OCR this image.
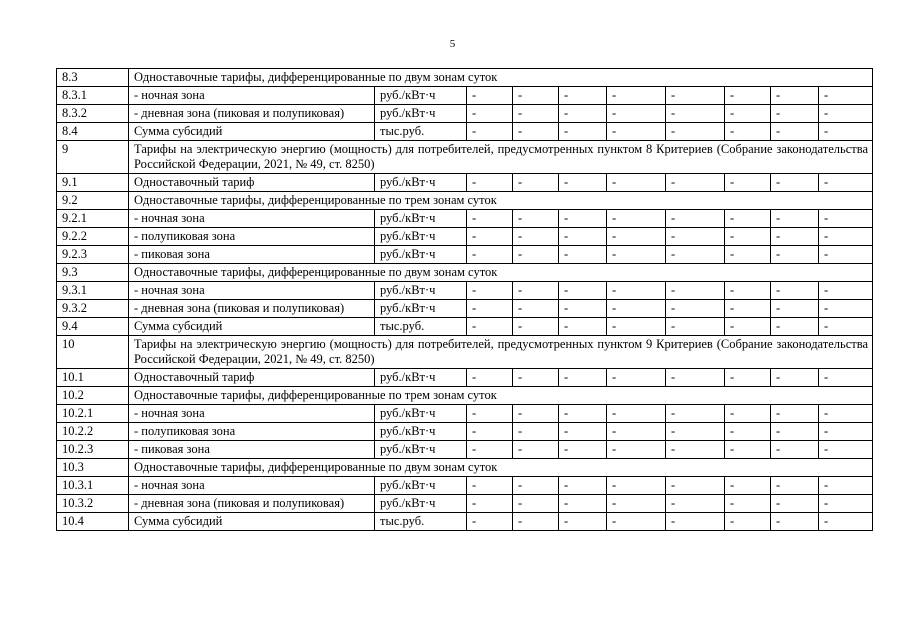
5
8.3	Одноставочные тарифы, дифференцированные по двум зонам суток									
8.3.1	- ночная зона	руб./кВт·ч	-	-	-	-	-	-	-	-
8.3.2	- дневная зона (пиковая и полупиковая)	руб./кВт·ч	-	-	-	-	-	-	-	-
8.4	Сумма субсидий	тыс.руб.	-	-	-	-	-	-	-	-
9	Тарифы на электрическую энергию (мощность) для потребителей, предусмотренных пунктом 8 Критериев (Собрание законодательства Российской Федерации, 2021, № 49, ст. 8250)									
9.1	Одноставочный тариф	руб./кВт·ч	-	-	-	-	-	-	-	-
9.2	Одноставочные тарифы, дифференцированные по трем зонам суток									
9.2.1	- ночная зона	руб./кВт·ч	-	-	-	-	-	-	-	-
9.2.2	- полупиковая зона	руб./кВт·ч	-	-	-	-	-	-	-	-
9.2.3	- пиковая зона	руб./кВт·ч	-	-	-	-	-	-	-	-
9.3	Одноставочные тарифы, дифференцированные по двум зонам суток									
9.3.1	- ночная зона	руб./кВт·ч	-	-	-	-	-	-	-	-
9.3.2	- дневная зона (пиковая и полупиковая)	руб./кВт·ч	-	-	-	-	-	-	-	-
9.4	Сумма субсидий	тыс.руб.	-	-	-	-	-	-	-	-
10	Тарифы на электрическую энергию (мощность) для потребителей, предусмотренных пунктом 9 Критериев (Собрание законодательства Российской Федерации, 2021, № 49, ст. 8250)									
10.1	Одноставочный тариф	руб./кВт·ч	-	-	-	-	-	-	-	-
10.2	Одноставочные тарифы, дифференцированные по трем зонам суток									
10.2.1	- ночная зона	руб./кВт·ч	-	-	-	-	-	-	-	-
10.2.2	- полупиковая зона	руб./кВт·ч	-	-	-	-	-	-	-	-
10.2.3	- пиковая зона	руб./кВт·ч	-	-	-	-	-	-	-	-
10.3	Одноставочные тарифы, дифференцированные по двум зонам суток									
10.3.1	- ночная зона	руб./кВт·ч	-	-	-	-	-	-	-	-
10.3.2	- дневная зона (пиковая и полупиковая)	руб./кВт·ч	-	-	-	-	-	-	-	-
10.4	Сумма субсидий	тыс.руб.	-	-	-	-	-	-	-	-
